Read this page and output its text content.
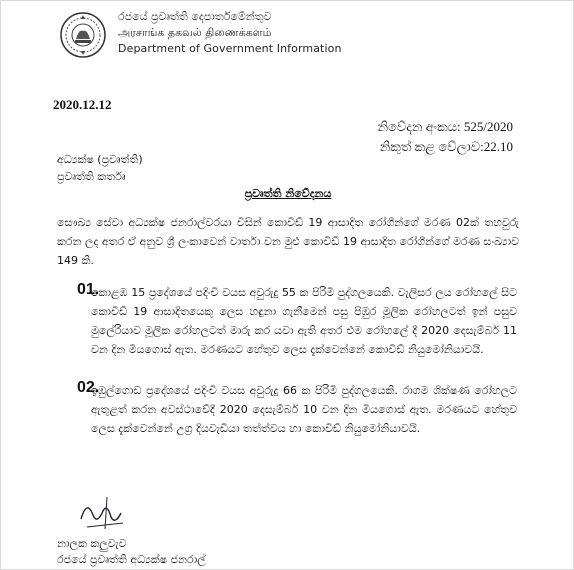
රජයේ ප්‍රවෘත්ති දෙපාර්තමේන්තුව
அரசாங்க தகவல் திணைக்களம்
Department of Government Information
2020.12.12
නිවේදන අංකය: 525/2020
නිකුත් කළ වේලාව:22.10
අධ්‍යක්ෂ (ප්‍රවෘත්ති)
ප්‍රවෘත්ති කර්තෘ
ප්‍රවෘත්ති නිවේදනය
සෞඛ්‍ය සේවා අධ්‍යක්ෂ ජනරාල්වරයා විසින් කොවිඩ් 19 ආසාදිත රෝගීන්ගේ මරණ 02ක් තහවුරු කරන ලද අතර ඒ අනුව ශ්‍රී ලංකාවෙන් වාර්තා වන මුළු කොවිඩ් 19 ආසාදිත රෝගීන්ගේ මරණ සංඛ්‍යාව 149 කි.
01.
කොළඹ 15 ප්‍රදේශයේ පදිංචි වයස අවුරුදු 55 ක පිරිමි පුද්ගලයෙකි. වැලිසර ලය රෝහලේ සිට කොවිඩ් 19 ආසාදිතයෙකු ලෙස හඳුනා ගැනීමෙන් පසු පිඹුර මූලික රෝහලටත් ඉන් පසුව මුලේරියාව මූලික රෝහලටත් මාරු කර යවා ඇති අතර එම රෝහලේ දී 2020 දෙසැම්බර් 11 වන දින මියගොස් ඇත. මරණයට හේතුව ලෙස දැක්වෙන්නේ කොවිඩ් නියුමෝනියාවයි.
02.
ඉඹුල්ගොඩ ප්‍රදේශයේ පදිංචි වයස අවුරුදු 66 ක පිරිමි පුද්ගලයෙකි. රාගම ශික්ෂණ රෝහලට ඇතුළත් කරන අවස්ථාවේදී 2020 දෙසැම්බර් 10 වන දින මියගොස් ඇත. මරණයට හේතුව ලෙස දැක්වෙන්නේ උග්‍ර දියවැඩියා තත්ත්වය හා කොවිඩ් නියුමෝනියාවයි.
නාලක කලුවැව
රජයේ ප්‍රවෘත්ති අධ්‍යක්ෂ ජනරාල්
